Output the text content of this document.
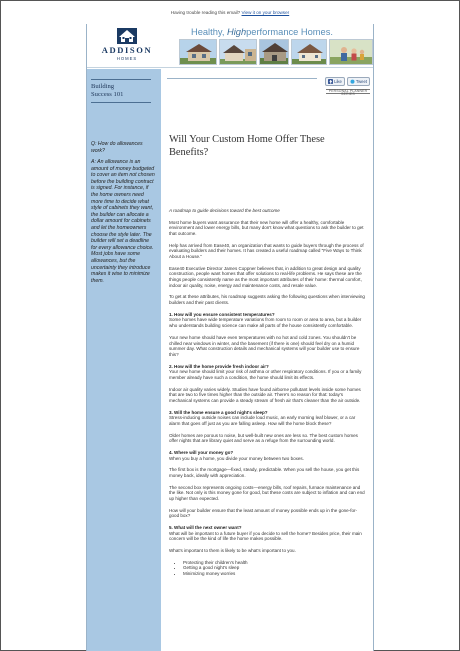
Having trouble reading this email? View it on your browser
ADDISON
HOMES
Healthy, Highperformance Homes.
Building
Success 101
Q: How do allowances work?
A: An allowance is an amount of money budgeted to cover an item not chosen before the building contract is signed. For instance, if the home owners need more time to decide what style of cabinets they want, the builder can allocate a dollar amount for cabinets and let the homeowners choose the style later. The builder will set a deadline for every allowance choice. Most jobs have some allowances, but the uncertainty they introduce makes it wise to minimize them.
Like	Tweet
PERSONAL PLANNER SERIES
Will Your Custom Home Offer These Benefits?

A roadmap to guide decisions toward the best outcome

Most home buyers want assurance that their new home will offer a healthy, comfortable environment and lower energy bills, but many don't know what questions to ask the builder to get that outcome.

Help has arrived from Ease40, an organization that wants to guide buyers through the process of evaluating builders and their homes. It has created a useful roadmap called "Five Ways to Think About a House."

Ease40 Executive Director James Coppner believes that, in addition to great design and quality construction, people want homes that offer solutions to real-life problems. He says these are the things people consistently name as the most important attributes of their home: thermal comfort, indoor air quality, noise, energy and maintenance costs, and resale value.

To get at these attributes, his roadmap suggests asking the following questions when interviewing builders and their past clients.

1. How will you ensure consistent temperatures?

Some homes have wide temperature variations from room to room or area to area, but a builder who understands building science can make all parts of the house consistently comfortable.

Your new home should have even temperatures with no hot and cold zones. You shouldn't be chilled near windows in winter, and the basement (if there is one) should feel dry on a humid summer day. What construction details and mechanical systems will your builder use to ensure this?

2. How will the home provide fresh indoor air?

Your new home should limit your risk of asthma or other respiratory conditions. If you or a family member already have such a condition, the home should limit its effects.

Indoor air quality varies widely. Studies have found airborne pollutant levels inside some homes that are two to five times higher than the outside air. There's no reason for that: today's mechanical systems can provide a steady stream of fresh air that's cleaner than the air outside.

3. Will the home ensure a good night's sleep?

Stress-inducing outside noises can include loud music, an early morning leaf blower, or a car alarm that goes off just as you are falling asleep. How will the home block these?

Older homes are porous to noise, but well-built new ones are less so. The best custom homes offer nights that are library quiet and serve as a refuge from the surrounding world.

4. Where will your money go?

When you buy a home, you divide your money between two boxes.

The first box is the mortgage—fixed, steady, predictable. When you sell the house, you get this money back, ideally with appreciation.

The second box represents ongoing costs—energy bills, roof repairs, furnace maintenance and the like. Not only is this money gone for good, but these costs are subject to inflation and can end up higher than expected.

How will your builder ensure that the least amount of money possible ends up in the gone-for-good box?

5. What will the next owner want?

What will be important to a future buyer if you decide to sell the home? Besides price, their main concern will be the kind of life the home makes possible.

What's important to them is likely to be what's important to you.

• Protecting their children's health
• Getting a good night's sleep
• Minimizing money worries
